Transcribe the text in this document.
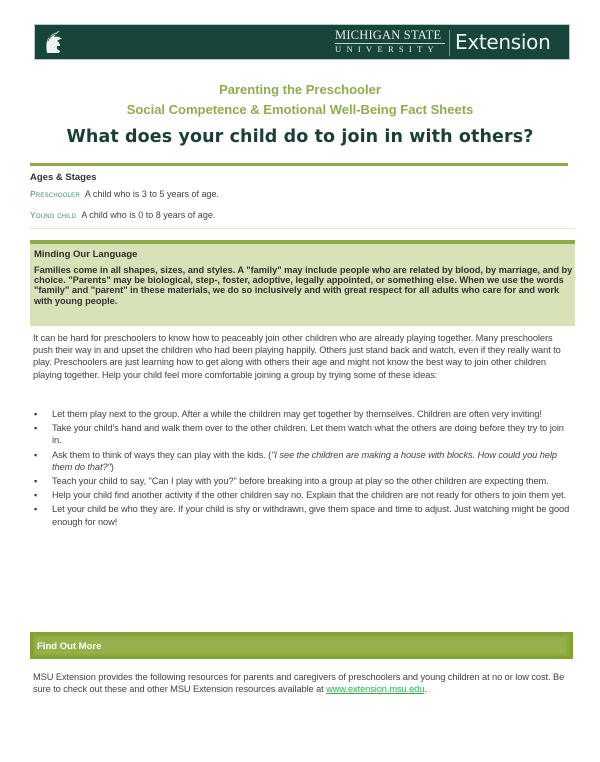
MICHIGAN STATE
UNIVERSITY Extension
Parenting the Preschooler
Social Competence & Emotional Well-Being Fact Sheets
What does your child do to join in with others?
Ages & Stages
Preschooler A child who is 3 to 5 years of age.
Young child A child who is 0 to 8 years of age.
Minding Our Language
Families come in all shapes, sizes, and styles. A "family" may include people who are related by blood, by marriage, and by choice. "Parents" may be biological, step-, foster, adoptive, legally appointed, or something else. When we use the words "family" and "parent" in these materials, we do so inclusively and with great respect for all adults who care for and work with young people.
It can be hard for preschoolers to know how to peaceably join other children who are already playing together. Many preschoolers push their way in and upset the children who had been playing happily. Others just stand back and watch, even if they really want to play. Preschoolers are just learning how to get along with others their age and might not know the best way to join other children playing together. Help your child feel more comfortable joining a group by trying some of these ideas:
▪ Let them play next to the group. After a while the children may get together by themselves. Children are often very inviting!
▪ Take your child's hand and walk them over to the other children. Let them watch what the others are doing before they try to join in.
▪ Ask them to think of ways they can play with the kids. ("I see the children are making a house with blocks. How could you help them do that?")
▪ Teach your child to say, "Can I play with you?" before breaking into a group at play so the other children are expecting them.
▪ Help your child find another activity if the other children say no. Explain that the children are not ready for others to join them yet.
▪ Let your child be who they are. If your child is shy or withdrawn, give them space and time to adjust. Just watching might be good enough for now!
Find Out More
MSU Extension provides the following resources for parents and caregivers of preschoolers and young children at no or low cost. Be sure to check out these and other MSU Extension resources available at www.extension.msu.edu.
